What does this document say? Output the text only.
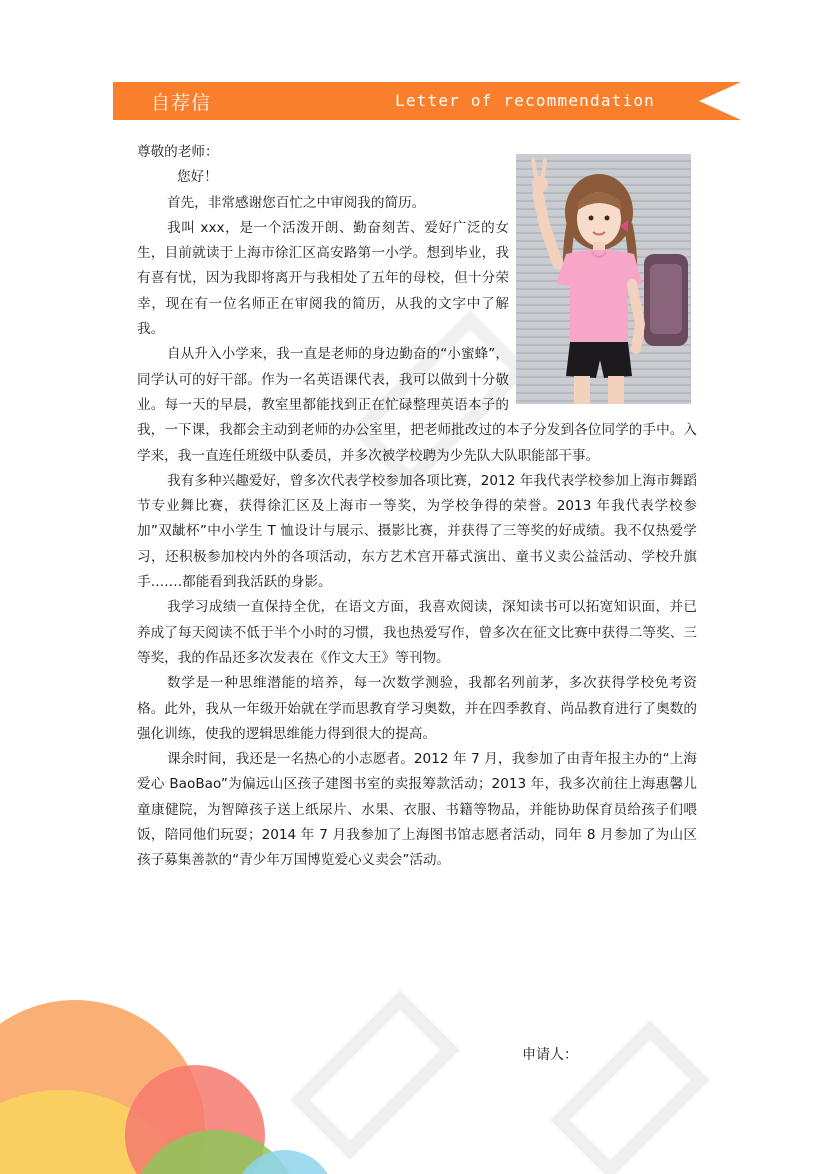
自荐信	Letter of recommendation

尊敬的老师：

您好！

首先，非常感谢您百忙之中审阅我的简历。

我叫 xxx，是一个活泼开朗、勤奋刻苦、爱好广泛的女生，目前就读于上海市徐汇区高安路第一小学。想到毕业，我有喜有忧，因为我即将离开与我相处了五年的母校，但十分荣幸，现在有一位名师正在审阅我的简历，从我的文字中了解我。

自从升入小学来，我一直是老师的身边勤奋的“小蜜蜂”，同学认可的好干部。作为一名英语课代表，我可以做到十分敬业。每一天的早晨，教室里都能找到正在忙碌整理英语本子的我，一下课，我都会主动到老师的办公室里，把老师批改过的本子分发到各位同学的手中。入学来，我一直连任班级中队委员，并多次被学校聘为少先队大队职能部干事。

我有多种兴趣爱好，曾多次代表学校参加各项比赛，2012 年我代表学校参加上海市舞蹈节专业舞比赛，获得徐汇区及上海市一等奖，为学校争得的荣誉。2013 年我代表学校参加”双龇杯”中小学生 T 恤设计与展示、摄影比赛，并获得了三等奖的好成绩。我不仅热爱学习，还积极参加校内外的各项活动，东方艺术宫开幕式演出、童书义卖公益活动、学校升旗手…….都能看到我活跃的身影。

我学习成绩一直保持全优，在语文方面，我喜欢阅读，深知读书可以拓宽知识面，并已养成了每天阅读不低于半个小时的习惯，我也热爱写作，曾多次在征文比赛中获得二等奖、三等奖，我的作品还多次发表在《作文大王》等刊物。

数学是一种思维潜能的培养，每一次数学测验，我都名列前茅，多次获得学校免考资格。此外，我从一年级开始就在学而思教育学习奥数，并在四季教育、尚品教育进行了奥数的强化训练，使我的逻辑思维能力得到很大的提高。

课余时间，我还是一名热心的小志愿者。2012 年 7 月，我参加了由青年报主办的“上海爱心 BaoBao”为偏远山区孩子建图书室的卖报筹款活动；2013 年，我多次前往上海惠馨儿童康健院，为智障孩子送上纸尿片、水果、衣服、书籍等物品，并能协助保育员给孩子们喂饭，陪同他们玩耍；2014 年 7 月我参加了上海图书馆志愿者活动，同年 8 月参加了为山区孩子募集善款的“青少年万国博览爱心义卖会”活动。

申请人：
